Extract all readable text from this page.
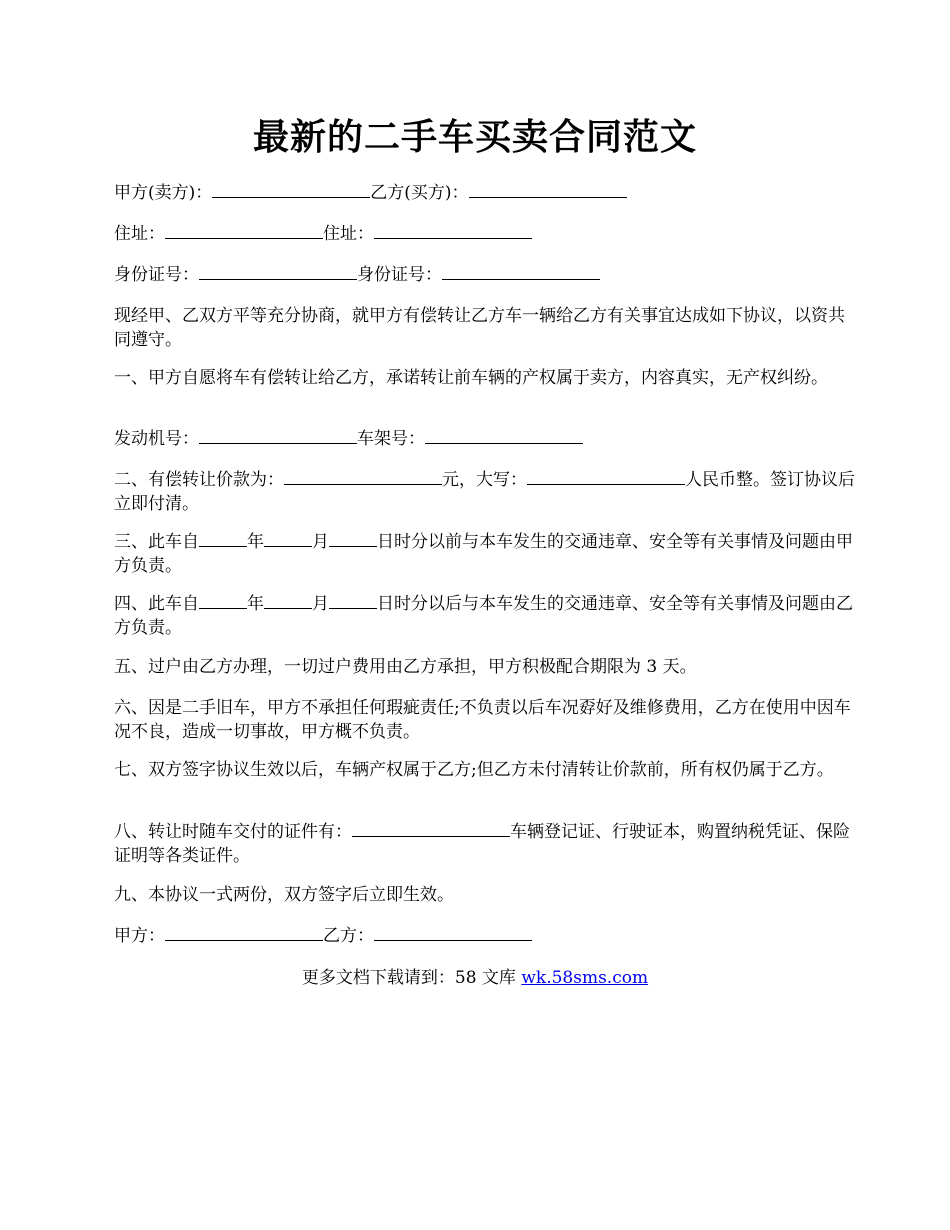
最新的二手车买卖合同范文

甲方(卖方)：	乙方(买方)：

住址：	住址：

身份证号：	身份证号：

现经甲、乙双方平等充分协商，就甲方有偿转让乙方车一辆给乙方有关事宜达成如下协议，以资共同遵守。

一、甲方自愿将车有偿转让给乙方，承诺转让前车辆的产权属于卖方，内容真实，无产权纠纷。

发动机号：	车架号：

二、有偿转让价款为：	元，大写：	人民币整。签订协议后立即付清。

三、此车自	年	月	日时分以前与本车发生的交通违章、安全等有关事情及问题由甲方负责。

四、此车自	年	月	日时分以后与本车发生的交通违章、安全等有关事情及问题由乙方负责。

五、过户由乙方办理，一切过户费用由乙方承担，甲方积极配合期限为 3 天。

六、因是二手旧车，甲方不承担任何瑕疵责任;不负责以后车况孬好及维修费用，乙方在使用中因车况不良，造成一切事故，甲方概不负责。

七、双方签字协议生效以后，车辆产权属于乙方;但乙方未付清转让价款前，所有权仍属于乙方。

八、转让时随车交付的证件有：	车辆登记证、行驶证本，购置纳税凭证、保险证明等各类证件。

九、本协议一式两份，双方签字后立即生效。

甲方：	乙方：

更多文档下载请到：58 文库 wk.58sms.com
